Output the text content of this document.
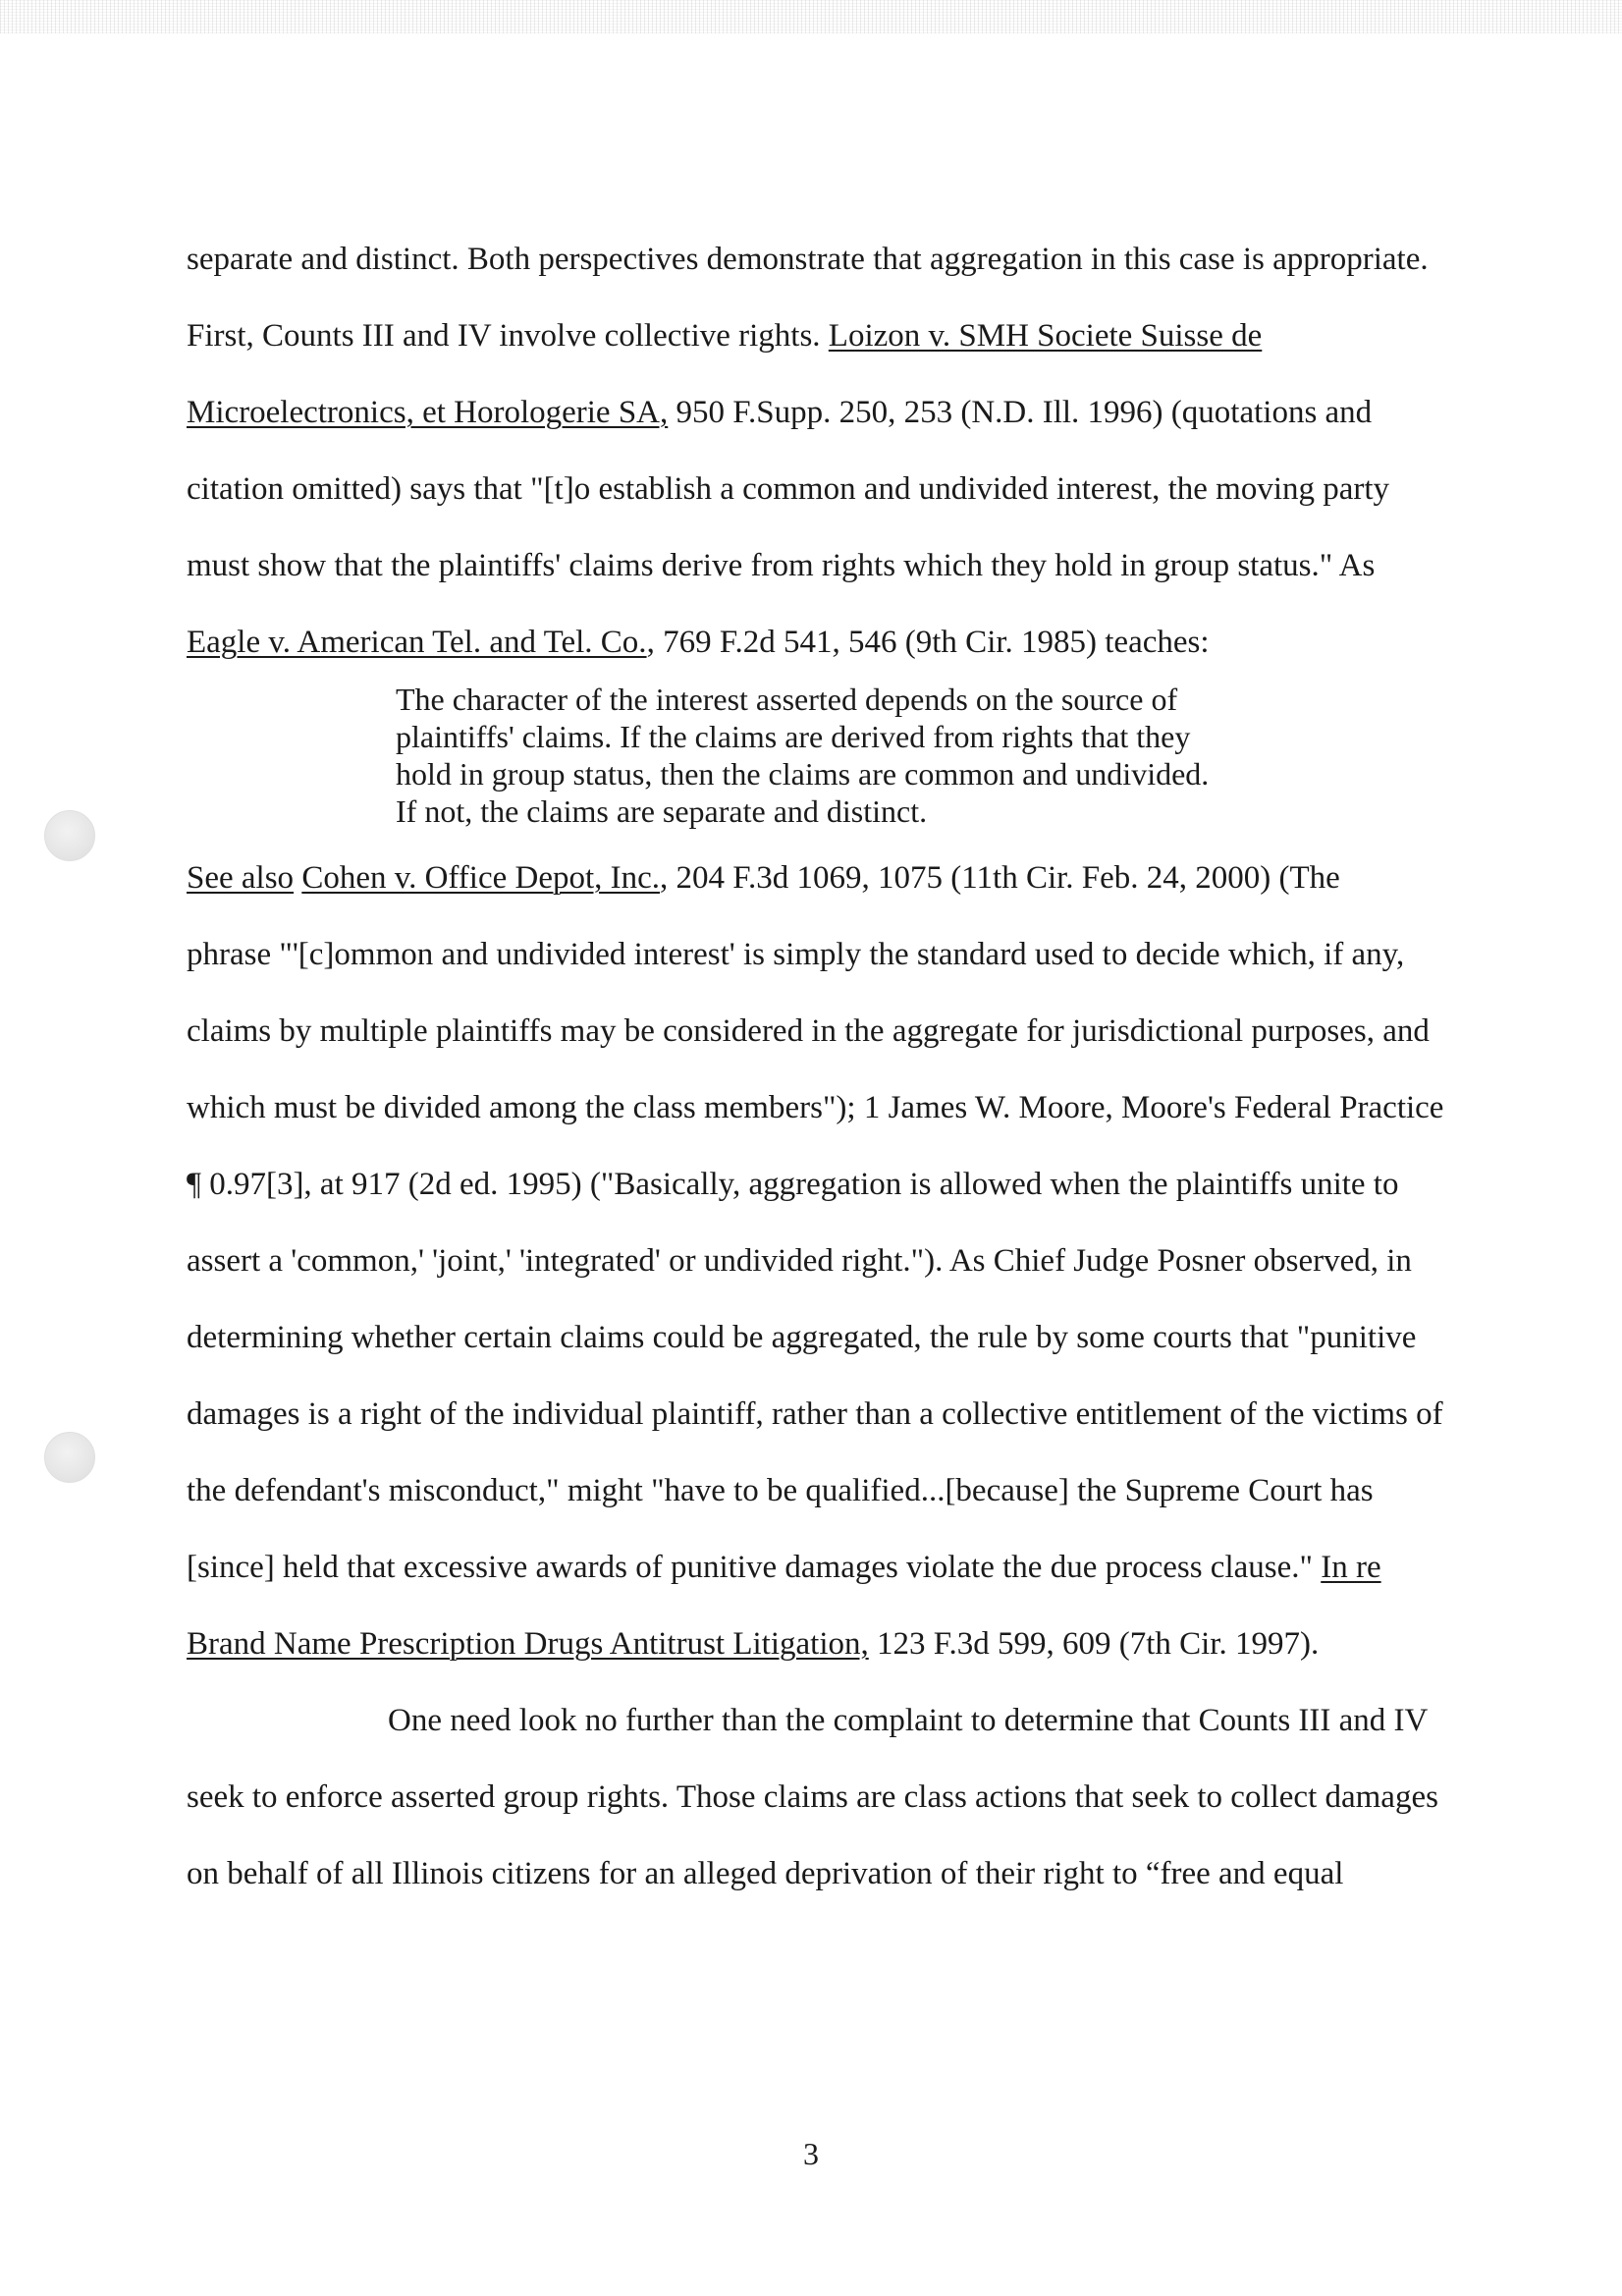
separate and distinct. Both perspectives demonstrate that aggregation in this case is appropriate.
First, Counts III and IV involve collective rights. Loizon v. SMH Societe Suisse de
Microelectronics, et Horologerie SA, 950 F.Supp. 250, 253 (N.D. Ill. 1996) (quotations and
citation omitted) says that "[t]o establish a common and undivided interest, the moving party
must show that the plaintiffs' claims derive from rights which they hold in group status." As
Eagle v. American Tel. and Tel. Co., 769 F.2d 541, 546 (9th Cir. 1985) teaches:
The character of the interest asserted depends on the source of
plaintiffs' claims. If the claims are derived from rights that they
hold in group status, then the claims are common and undivided.
If not, the claims are separate and distinct.
See also Cohen v. Office Depot, Inc., 204 F.3d 1069, 1075 (11th Cir. Feb. 24, 2000) (The
phrase "'[c]ommon and undivided interest' is simply the standard used to decide which, if any,
claims by multiple plaintiffs may be considered in the aggregate for jurisdictional purposes, and
which must be divided among the class members"); 1 James W. Moore, Moore's Federal Practice
¶ 0.97[3], at 917 (2d ed. 1995) ("Basically, aggregation is allowed when the plaintiffs unite to
assert a 'common,' 'joint,' 'integrated' or undivided right."). As Chief Judge Posner observed, in
determining whether certain claims could be aggregated, the rule by some courts that "punitive
damages is a right of the individual plaintiff, rather than a collective entitlement of the victims of
the defendant's misconduct," might "have to be qualified...[because] the Supreme Court has
[since] held that excessive awards of punitive damages violate the due process clause." In re
Brand Name Prescription Drugs Antitrust Litigation, 123 F.3d 599, 609 (7th Cir. 1997).
One need look no further than the complaint to determine that Counts III and IV
seek to enforce asserted group rights. Those claims are class actions that seek to collect damages
on behalf of all Illinois citizens for an alleged deprivation of their right to “free and equal
3
